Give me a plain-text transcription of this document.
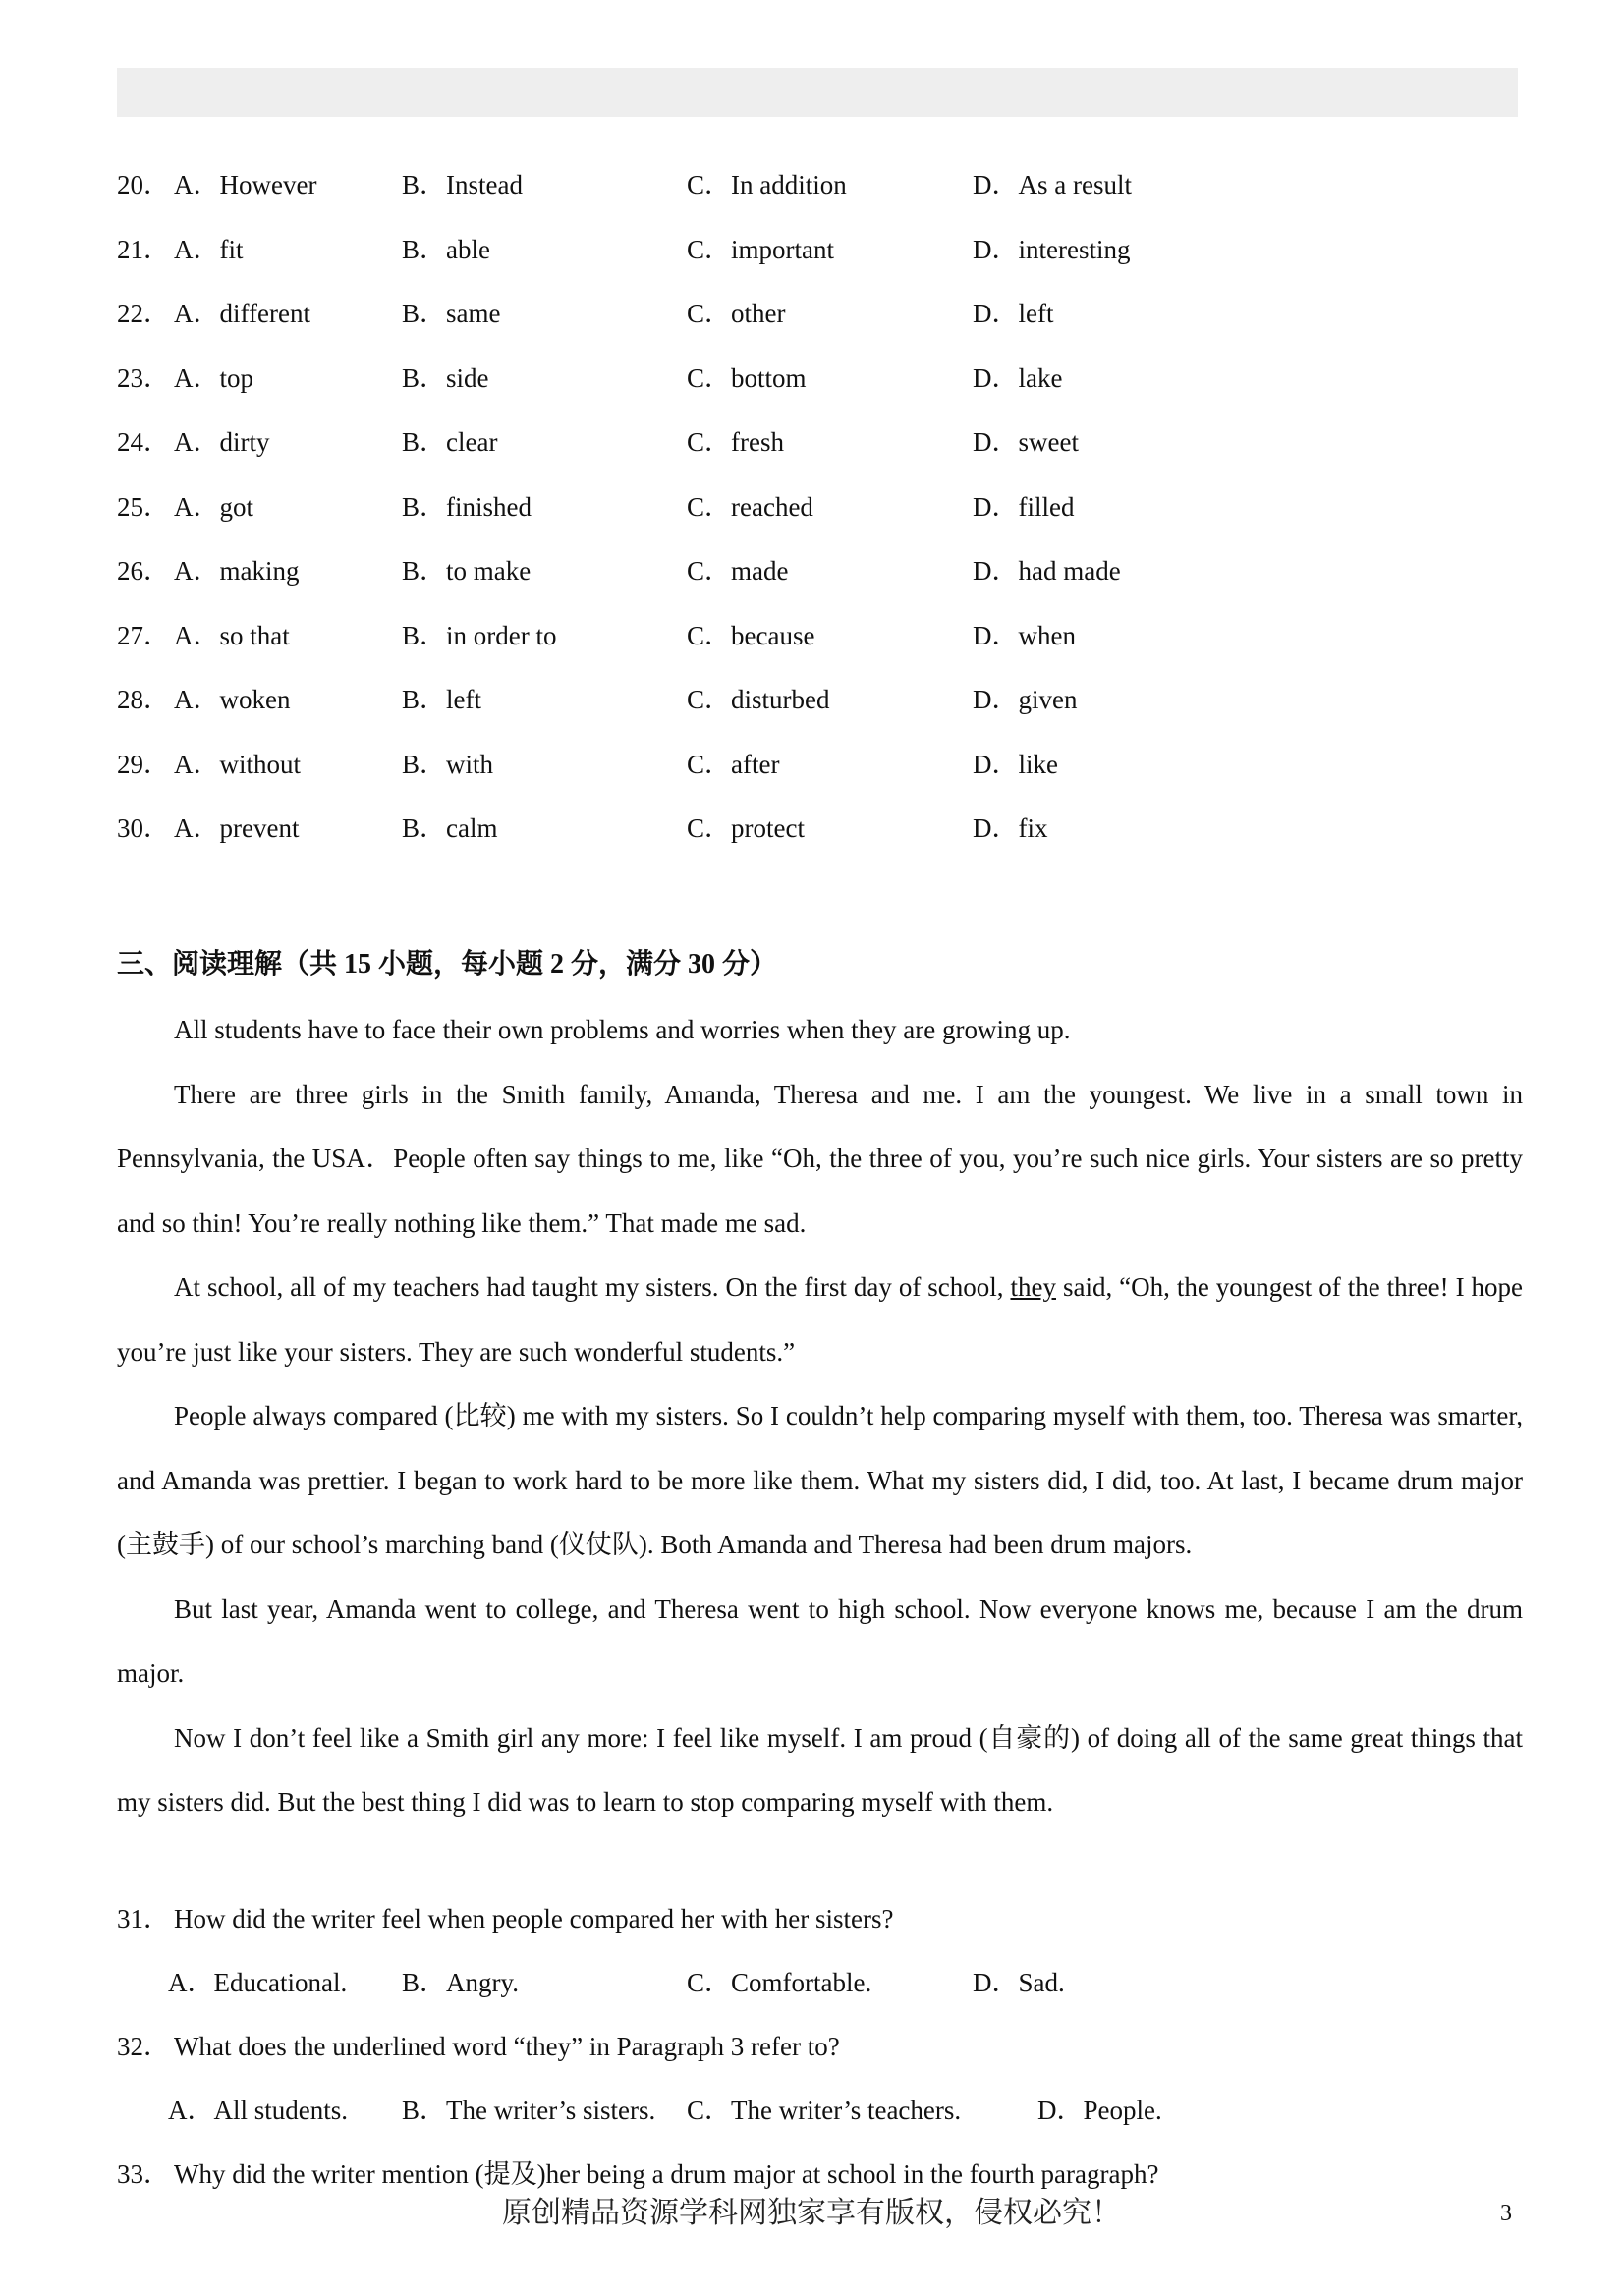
20． A．However	B．Instead	C．In addition	D．As a result
21． A．fit	B．able	C．important	D．interesting
22． A．different	B．same	C．other	D．left
23． A．top	B．side	C．bottom	D．lake
24． A．dirty	B．clear	C．fresh	D．sweet
25． A．got	B．finished	C．reached	D．filled
26． A．making	B．to make	C．made	D．had made
27． A．so that	B．in order to	C．because	D．when
28． A．woken	B．left	C．disturbed	D．given
29． A．without	B．with	C．after	D．like
30． A．prevent	B．calm	C．protect	D．fix
三、阅读理解（共 15 小题，每小题 2 分，满分 30 分）

All students have to face their own problems and worries when they are growing up.

There are three girls in the Smith family, Amanda, Theresa and me. I am the youngest. We live in a small town in Pennsylvania, the USA．People often say things to me, like “Oh, the three of you, you’re such nice girls. Your sisters are so pretty and so thin! You’re really nothing like them.” That made me sad.

At school, all of my teachers had taught my sisters. On the first day of school, they said, “Oh, the youngest of the three! I hope you’re just like your sisters. They are such wonderful students.”

People always compared (比较) me with my sisters. So I couldn’t help comparing myself with them, too. Theresa was smarter, and Amanda was prettier. I began to work hard to be more like them. What my sisters did, I did, too. At last, I became drum major (主鼓手) of our school’s marching band (仪仗队). Both Amanda and Theresa had been drum majors.

But last year, Amanda went to college, and Theresa went to high school. Now everyone knows me, because I am the drum major.

Now I don’t feel like a Smith girl any more: I feel like myself. I am proud (自豪的) of doing all of the same great things that my sisters did. But the best thing I did was to learn to stop comparing myself with them.

31． How did the writer feel when people compared her with her sisters?
A．Educational. B．Angry.	C．Comfortable.	D．Sad.
32． What does the underlined word “they” in Paragraph 3 refer to?
A．All students. B．The writer’s sisters. C．The writer’s teachers.	D．People.
33． Why did the writer mention (提及)her being a drum major at school in the fourth paragraph?
原创精品资源学科网独家享有版权，侵权必究！	3
